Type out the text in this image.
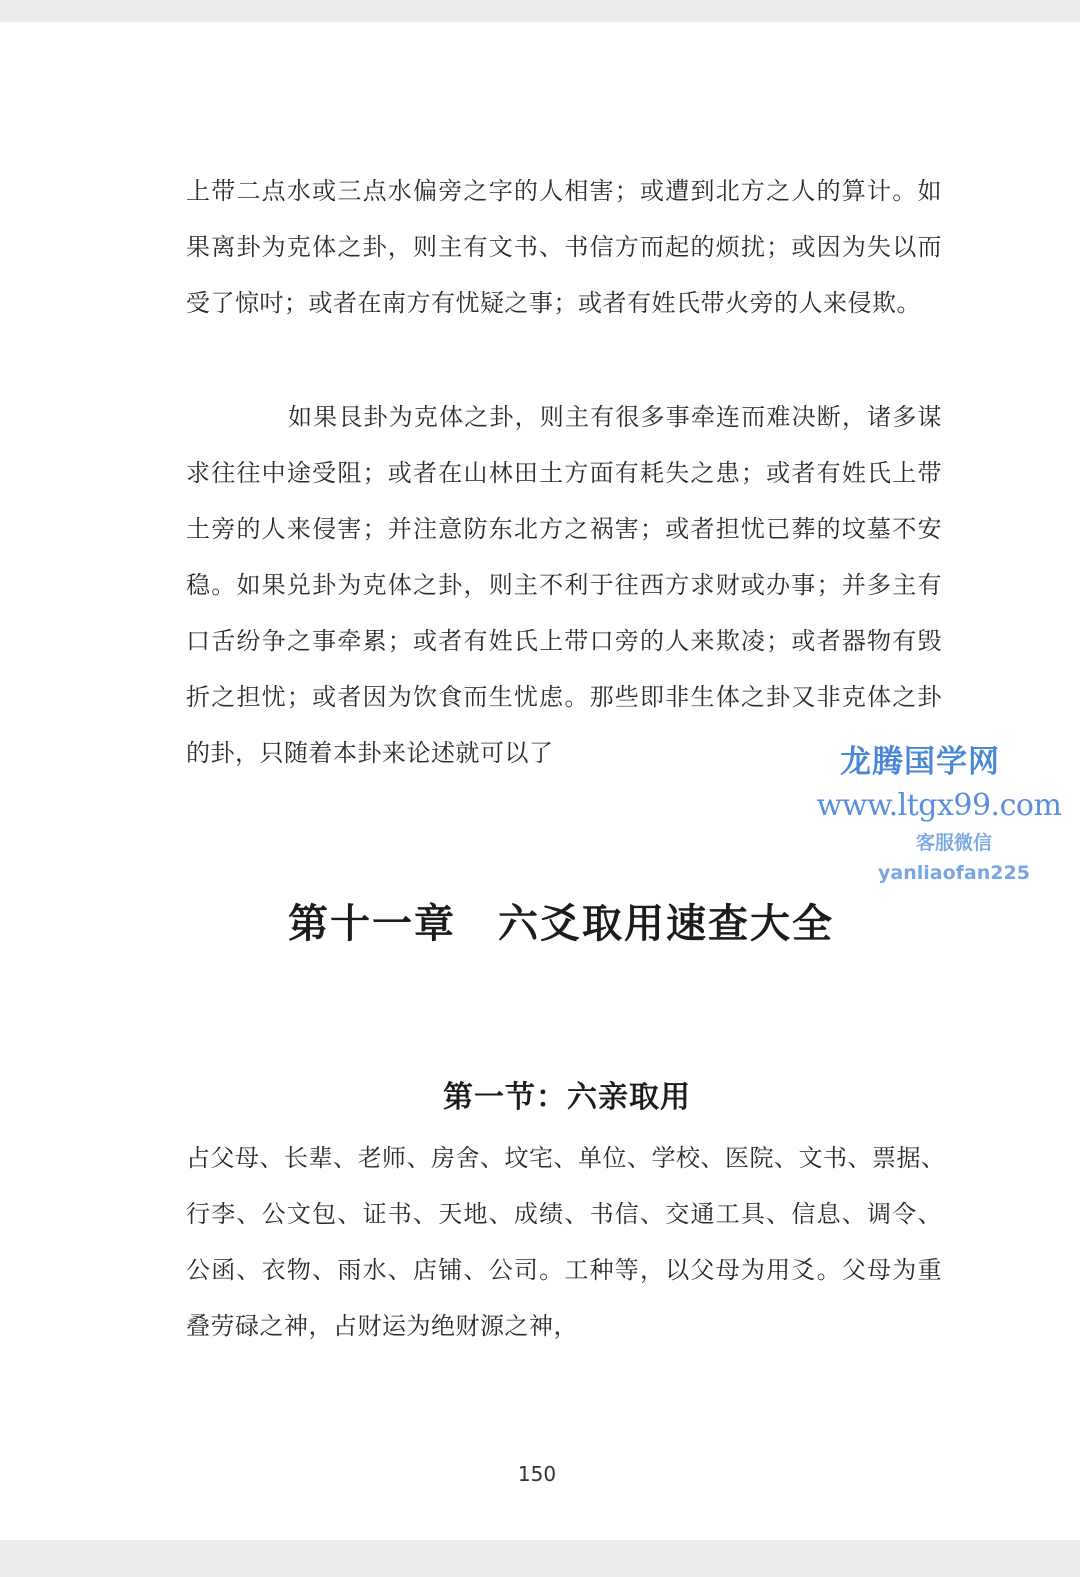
上带二点水或三点水偏旁之字的人相害；或遭到北方之人的算计。如
果离卦为克体之卦，则主有文书、书信方而起的烦扰；或因为失以而
受了惊吋；或者在南方有忧疑之事；或者有姓氏带火旁的人来侵欺。
如果艮卦为克体之卦，则主有很多事牵连而难决断，诸多谋
求往往中途受阻；或者在山林田土方面有耗失之患；或者有姓氏上带
土旁的人来侵害；并注意防东北方之祸害；或者担忧已葬的坟墓不安
稳。如果兑卦为克体之卦，则主不利于往西方求财或办事；并多主有
口舌纷争之事牵累；或者有姓氏上带口旁的人来欺凌；或者器物有毁
折之担忧；或者因为饮食而生忧虑。那些即非生体之卦又非克体之卦
的卦，只随着本卦来论述就可以了	龙腾国学网
www.ltgx99.com
客服微信 yanliaofan225
第十一章　六爻取用速查大全
第一节：六亲取用
占父母、长辈、老师、房舍、坟宅、单位、学校、医院、文书、票据、
行李、公文包、证书、天地、成绩、书信、交通工具、信息、调令、
公函、衣物、雨水、店铺、公司。工种等，以父母为用爻。父母为重
叠劳碌之神，占财运为绝财源之神，
150
